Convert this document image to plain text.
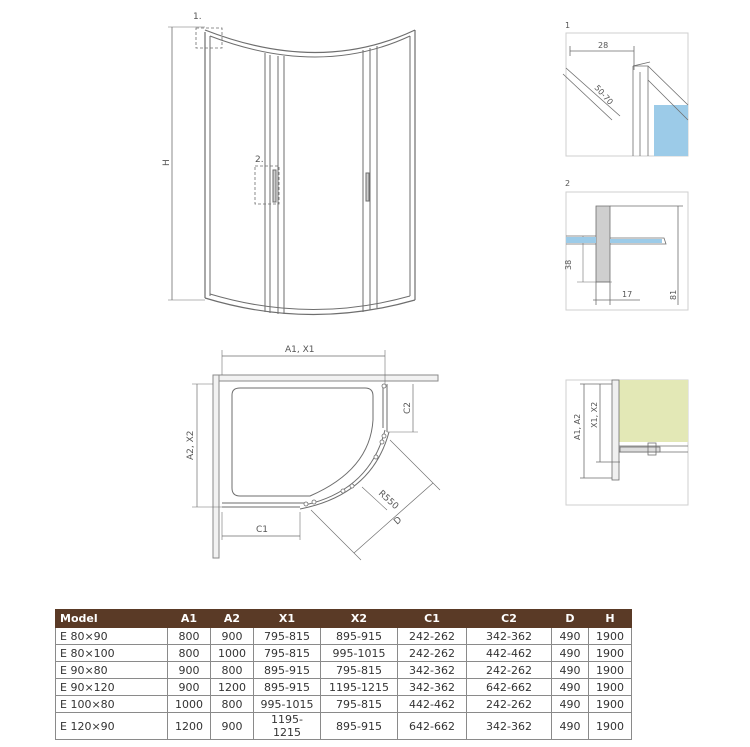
1.
2.
H
A1, X1
A2, X2
C2
C1
R550
D
1
28
50-70
2
38
17	81
A1, A2 X1, X2
Model	A1	A2	X1	X2	C1	C2	D	H
E 80×90	800	900	795-815	895-915	242-262	342-362	490	1900
E 80×100	800	1000	795-815	995-1015	242-262	442-462	490	1900
E 90×80	900	800	895-915	795-815	342-362	242-262	490	1900
E 90×120	900	1200	895-915	1195-1215	342-362	642-662	490	1900
E 100×80	1000	800	995-1015	795-815	442-462	242-262	490	1900
E 120×90	1200	900	1195-1215	895-915	642-662	342-362	490	1900
